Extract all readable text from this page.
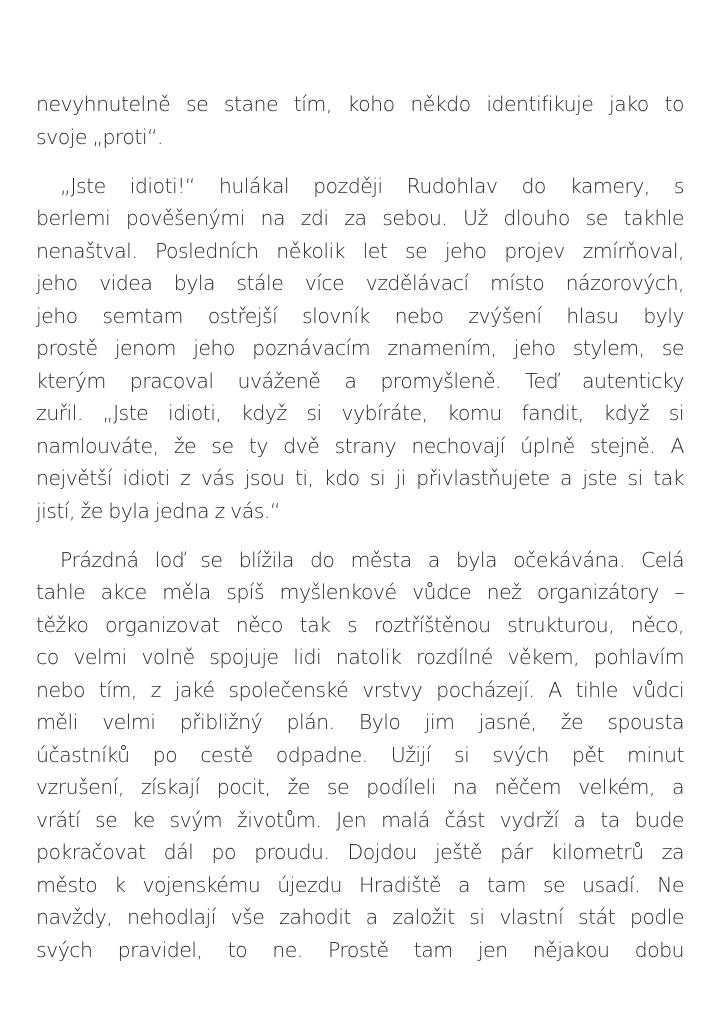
nevyhnutelně se stane tím, koho někdo identifikuje jako to
svoje „proti“.
„Jste idioti!“ hulákal později Rudohlav do kamery, s
berlemi pověšenými na zdi za sebou. Už dlouho se takhle
nenaštval. Posledních několik let se jeho projev zmírňoval,
jeho videa byla stále více vzdělávací místo názorových,
jeho semtam ostřejší slovník nebo zvýšení hlasu byly
prostě jenom jeho poznávacím znamením, jeho stylem, se
kterým pracoval uváženě a promyšleně. Teď autenticky
zuřil. „Jste idioti, když si vybíráte, komu fandit, když si
namlouváte, že se ty dvě strany nechovají úplně stejně. A
největší idioti z vás jsou ti, kdo si ji přivlastňujete a jste si tak
jistí, že byla jedna z vás.“
Prázdná loď se blížila do města a byla očekávána. Celá
tahle akce měla spíš myšlenkové vůdce než organizátory –
těžko organizovat něco tak s roztříštěnou strukturou, něco,
co velmi volně spojuje lidi natolik rozdílné věkem, pohlavím
nebo tím, z jaké společenské vrstvy pocházejí. A tihle vůdci
měli velmi přibližný plán. Bylo jim jasné, že spousta
účastníků po cestě odpadne. Užijí si svých pět minut
vzrušení, získají pocit, že se podíleli na něčem velkém, a
vrátí se ke svým životům. Jen malá část vydrží a ta bude
pokračovat dál po proudu. Dojdou ještě pár kilometrů za
město k vojenskému újezdu Hradiště a tam se usadí. Ne
navždy, nehodlají vše zahodit a založit si vlastní stát podle
svých pravidel, to ne. Prostě tam jen nějakou dobu
